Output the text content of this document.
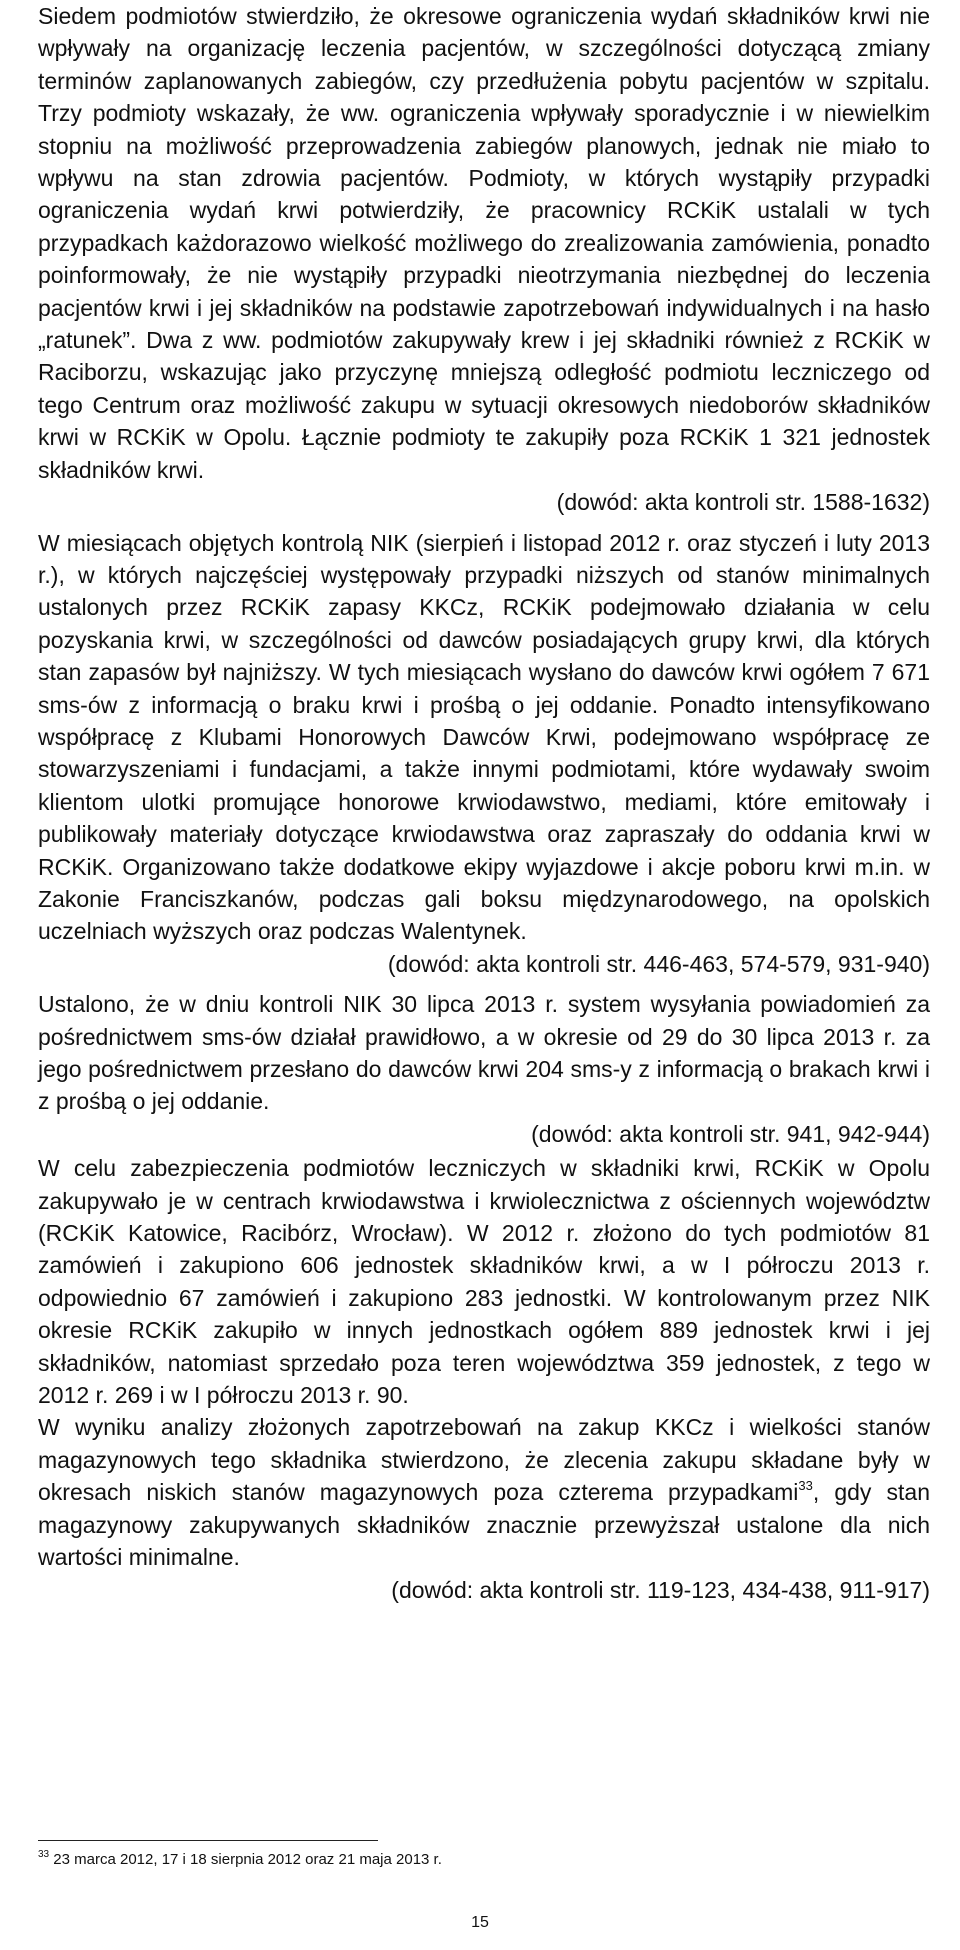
Siedem podmiotów stwierdziło, że okresowe ograniczenia wydań składników krwi nie wpływały na organizację leczenia pacjentów, w szczególności dotyczącą zmiany terminów zaplanowanych zabiegów, czy przedłużenia pobytu pacjentów w szpitalu. Trzy podmioty wskazały, że ww. ograniczenia wpływały sporadycznie i w niewielkim stopniu na możliwość przeprowadzenia zabiegów planowych, jednak nie miało to wpływu na stan zdrowia pacjentów. Podmioty, w których wystąpiły przypadki ograniczenia wydań krwi potwierdziły, że pracownicy RCKiK ustalali w tych przypadkach każdorazowo wielkość możliwego do zrealizowania zamówienia, ponadto poinformowały, że nie wystąpiły przypadki nieotrzymania niezbędnej do leczenia pacjentów krwi i jej składników na podstawie zapotrzebowań indywidualnych i na hasło „ratunek”. Dwa z ww. podmiotów zakupywały krew i jej składniki również z RCKiK w Raciborzu, wskazując jako przyczynę mniejszą odległość podmiotu leczniczego od tego Centrum oraz możliwość zakupu w sytuacji okresowych niedoborów składników krwi w RCKiK w Opolu. Łącznie podmioty te zakupiły poza RCKiK 1 321 jednostek składników krwi.

(dowód: akta kontroli str. 1588-1632)

W miesiącach objętych kontrolą NIK (sierpień i listopad 2012 r. oraz styczeń i luty 2013 r.), w których najczęściej występowały przypadki niższych od stanów minimalnych ustalonych przez RCKiK zapasy KKCz, RCKiK podejmowało działania w celu pozyskania krwi, w szczególności od dawców posiadających grupy krwi, dla których stan zapasów był najniższy. W tych miesiącach wysłano do dawców krwi ogółem 7 671 sms-ów z informacją o braku krwi i prośbą o jej oddanie. Ponadto intensyfikowano współpracę z Klubami Honorowych Dawców Krwi, podejmowano współpracę ze stowarzyszeniami i fundacjami, a także innymi podmiotami, które wydawały swoim klientom ulotki promujące honorowe krwiodawstwo, mediami, które emitowały i publikowały materiały dotyczące krwiodawstwa oraz zapraszały do oddania krwi w RCKiK. Organizowano także dodatkowe ekipy wyjazdowe i akcje poboru krwi m.in. w Zakonie Franciszkanów, podczas gali boksu międzynarodowego, na opolskich uczelniach wyższych oraz podczas Walentynek.

(dowód: akta kontroli str. 446-463, 574-579, 931-940)

Ustalono, że w dniu kontroli NIK 30 lipca 2013 r. system wysyłania powiadomień za pośrednictwem sms-ów działał prawidłowo, a w okresie od 29 do 30 lipca 2013 r. za jego pośrednictwem przesłano do dawców krwi 204 sms-y z informacją o brakach krwi i z prośbą o jej oddanie.

(dowód: akta kontroli str. 941, 942-944)

W celu zabezpieczenia podmiotów leczniczych w składniki krwi, RCKiK w Opolu zakupywało je w centrach krwiodawstwa i krwiolecznictwa z ościennych województw (RCKiK Katowice, Racibórz, Wrocław). W 2012 r. złożono do tych podmiotów 81 zamówień i zakupiono 606 jednostek składników krwi, a w I półroczu 2013 r. odpowiednio 67 zamówień i zakupiono 283 jednostki. W kontrolowanym przez NIK okresie RCKiK zakupiło w innych jednostkach ogółem 889 jednostek krwi i jej składników, natomiast sprzedało poza teren województwa 359 jednostek, z tego w 2012 r. 269 i w I półroczu 2013 r. 90.

W wyniku analizy złożonych zapotrzebowań na zakup KKCz i wielkości stanów magazynowych tego składnika stwierdzono, że zlecenia zakupu składane były w okresach niskich stanów magazynowych poza czterema przypadkami$^{33}$, gdy stan magazynowy zakupywanych składników znacznie przewyższał ustalone dla nich wartości minimalne.

(dowód: akta kontroli str. 119-123, 434-438, 911-917)

$^{33}$ 23 marca 2012, 17 i 18 sierpnia 2012 oraz 21 maja 2013 r.
15
